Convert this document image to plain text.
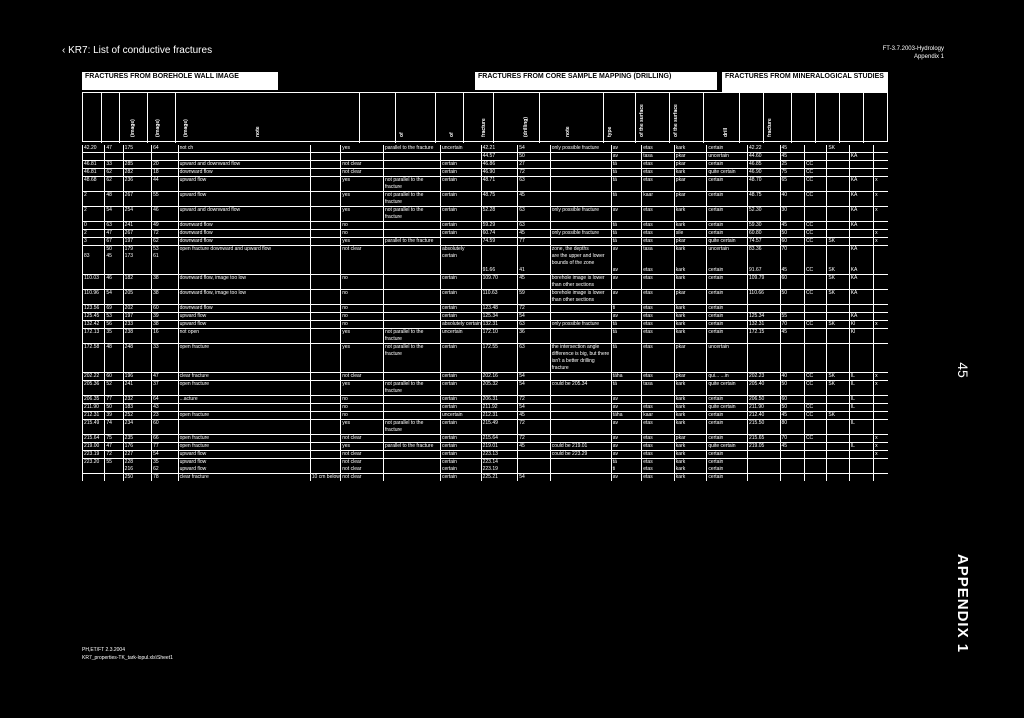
‹ KR7: List of conductive fractures	FT-3.7.2003-Hydrology
Appendix 1
FRACTURES FROM BOREHOLE WALL IMAGE	FRACTURES FROM CORE SAMPLE MAPPING (DRILLING)	FRACTURES FROM MINERALOGICAL STUDIES
(image)	(image)	(image)	note	of	of	fracture	(drilling)	note	type	of the surface	of the surface	drill	fracture
42.20	47	175	64	not ch		yes	parallel to the fracture	uncertain	42.21	54	only possible fracture	av	etas	kark	certain	42.22	45		SK		
									44.57	50		av	tasa	pkar	uncertain	44.60	45			KA	
46.81	33	285	20	upward and downward flow		not clear		certain	46.86	27		tä	etas	pkar	certain	46.85	25	CC			
46.81	62	282	18	downward flow		not clear		certain	46.90	72		tä	etas	kark	quite certain	46.90	75	CC			
48.68	62	236	44	upward flow		yes	not parallel to the fracture	certain	48.71	63		tä	etas	pkar	certain	48.70	65	CC		KA	x
2	48	267	55	upward flow		yes	not parallel to the fracture	certain	48.75	45		tä	kaar	pkar	certain	48.75	40	CC		KA	x
2	54	254	46	upward and downward flow		yes	not parallel to the fracture	certain	52.28	63	only possible fracture	av	etas	kark	certain	52.30	30			KA	x
0	63	241	49	downward flow		no		certain	59.29	63		tä	etas	kark	certain	59.30	45	CC		KA	
2	47	267	72	downward flow		no		certain	60.74	45	only possible fracture	tä	etas	sile	certain	60.80	50	CC			x
3	67	197	62	downward flow		yes	parallel to the fracture		74.59	77		tä	etas	pkar	quite certain	74.57	60	CC	SK		x
	50	179	53	open fracture downward and upward flow		not clear		absolutely			zone, the depths	av	tasa	kark	uncertain	83.36	70			KA	
83	45	173	61					certain			are the upper and lower bounds of the zone										
									91.66	41		av	etas	kark	certain	91.67	45	CC	SK	KA	
110.03	46	182	38	downward flow, image too low		no		certain	109.70	45	borehole image is lower than other sections	av	etas	kark	certain	109.79	60		SK	KA	
110.96	54	205	38	downward flow, image too low		no		certain	110.63	59	borehole image is lower than other sections	av	etas	pkar	certain	110.66	50	CC	SK	KA	
123.56	69	202	60	downward flow		no		certain	123.48	72		ti	etas	kark	certain						
125.45	53	197	39	upward flow		no		certain	125.34	54		av	etas	kark	certain	125.34	55			KA	
132.42	56	233	38	upward flow		no		absolutely certain	132.31	63	only possible fracture	tä	etas	kark	certain	132.31	70	CC	SK	KI	x
172.13	35	238	16	not open		yes	not parallel to the fracture	uncertain	172.10	36		tä	etas	kark	certain	172.15	45			KI	
172.58	48	248	33	open fracture		yes	not parallel to the fracture	certain	172.55	63	the intersection angle difference is big, but there isn't a better drilling fracture	tä	etas	pkar	uncertain						
202.22	60	196	47	clear fracture		not clear		certain	202.16	54		täha	etas	pkar	qui... ...in	202.23	40	CC	SK	IL	x
205.36	52	241	37	open fracture		yes	not parallel to the fracture	certain	205.32	54	could be 205.34	tä	tasa	kark	quite certain	205.40	50	CC	SK	IL	x
206.35	77	232	64	...acture		no		certain	206.31	72		av		kark	certain	206.50	60			IL	
211.90	50	183	43			no		certain	211.92	54		av	etas	kark	quite certain	211.90	50	CC		IL	
212.31	39	252	23	open fracture		no		uncertain	212.31	45		täha	kaar	kark	certain	212.40	45	CC	SK		
215.49	74	234	60			yes	not parallel to the fracture	certain	215.49	72		av	etas	kark	certain	215.50	80			IL	
215.64	75	235	66	open fracture		not clear		certain	215.64	72		av	etas	pkar	certain	215.65	70	CC			x
219.00	47	176	77	open fracture		yes	parallel to the fracture	certain	219.01	45	could be 219.01	av	etas	kark	quite certain	219.05	45			IL	x
223.19	72	227	54	upward flow		not clear		certain	223.13		could be 223.29	av	etas	kark	certain						x
223.20	55	228	35	upward flow		not clear		certain	223.14			tä	etas	kark	certain						
		216	62	upward flow		not clear		certain	223.19			ti	etas	kark	certain						
		250	78	clear fracture	10 cm below	not clear		certain	225.21	54		av	etas	kark	certain						
45
APPENDIX 1
PH,ET/FT 2.3.2004
KR7_properties-TK_tark-lopul.xls\Sheet1
